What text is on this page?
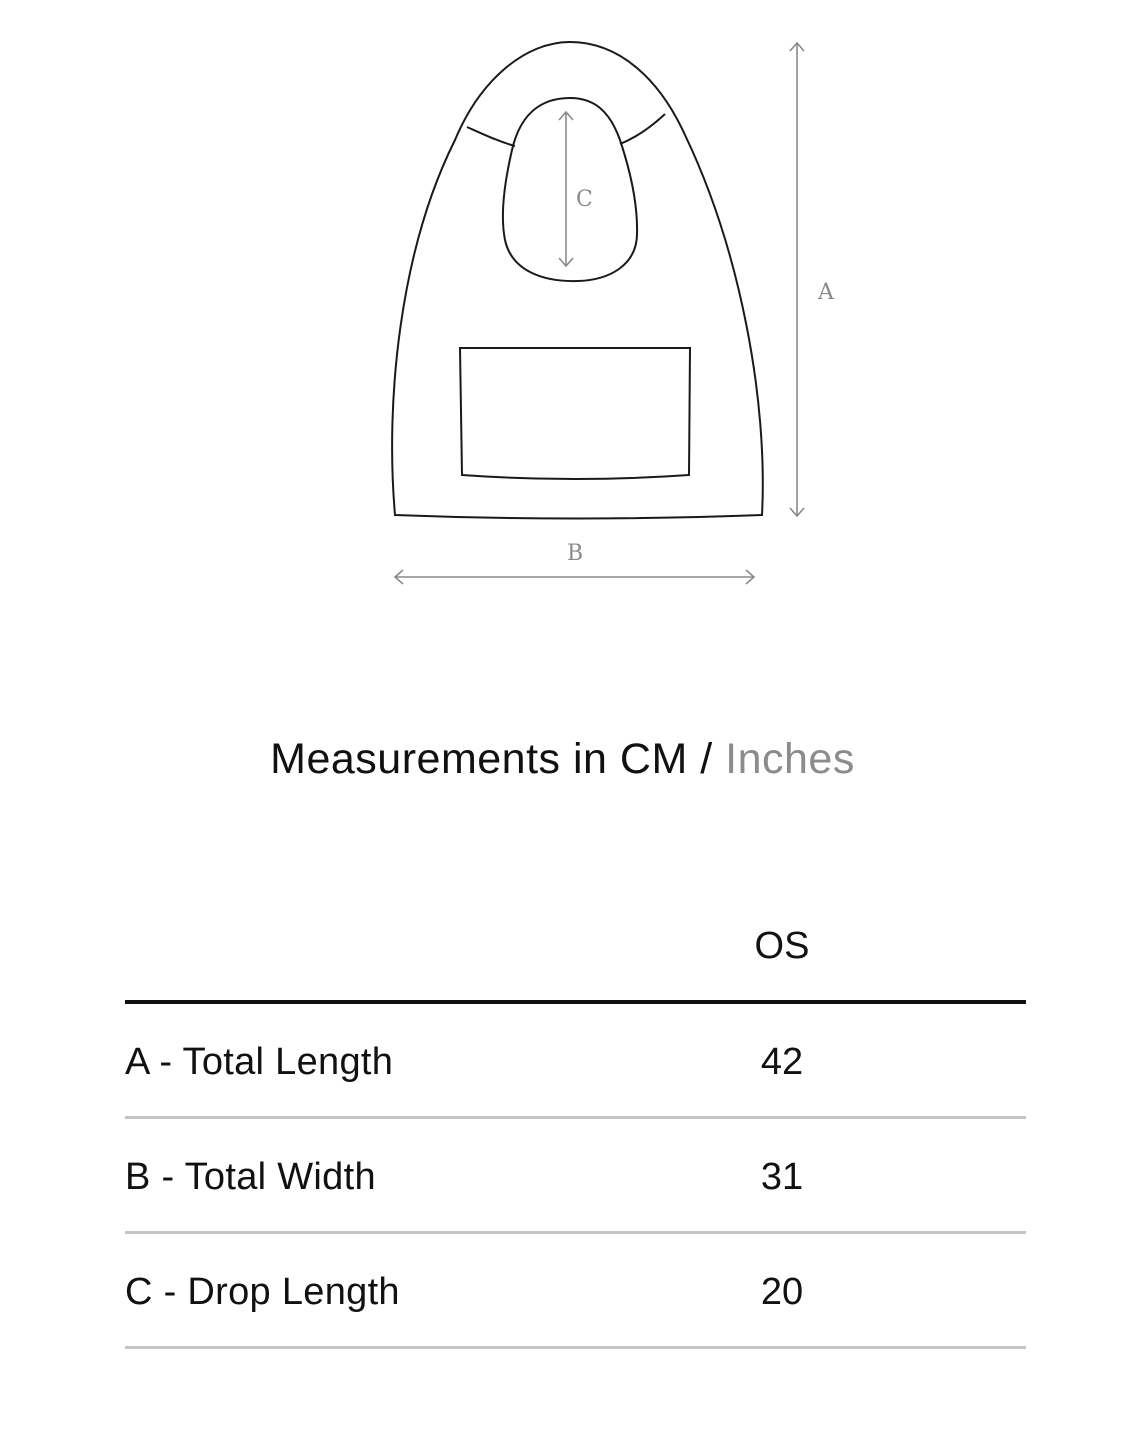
C
A
B
Measurements in CM / Inches
OS
A - Total Length	42
B - Total Width	31
C - Drop Length	20
